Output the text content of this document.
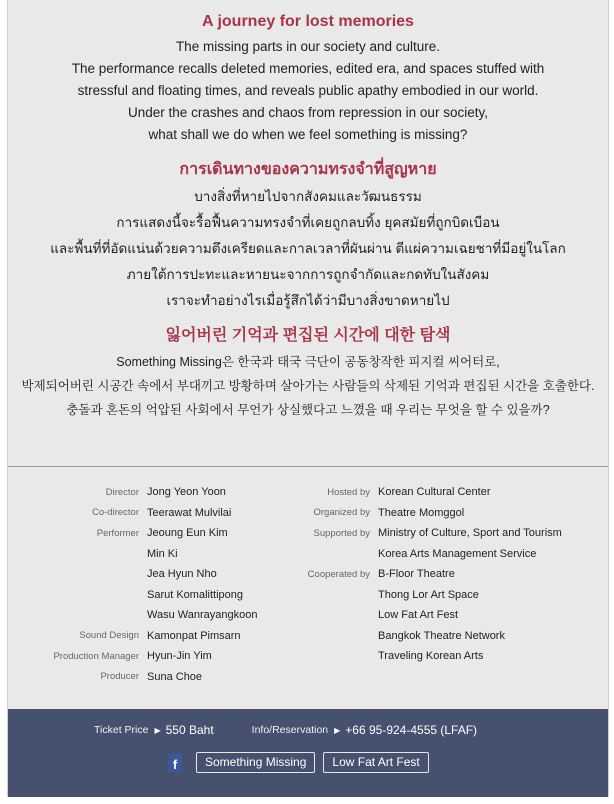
A journey for lost memories
The missing parts in our society and culture.
The performance recalls deleted memories, edited era, and spaces stuffed with
stressful and floating times, and reveals public apathy embodied in our world.
Under the crashes and chaos from repression in our society,
what shall we do when we feel something is missing?
การเดินทางของความทรงจำที่สูญหาย
บางสิ่งที่หายไปจากสังคมและวัฒนธรรม
การแสดงนี้จะรื้อฟื้นความทรงจำที่เคยถูกลบทิ้ง ยุคสมัยที่ถูกบิดเบือน
และพื้นที่ที่อัดแน่นด้วยความตึงเครียดและกาลเวลาที่ผันผ่าน ตีแผ่ความเฉยชาที่มีอยู่ในโลก
ภายใต้การปะทะและหายนะจากการถูกจำกัดและกดทับในสังคม
เราจะทำอย่างไรเมื่อรู้สึกได้ว่ามีบางสิ่งขาดหายไป
잃어버린 기억과 편집된 시간에 대한 탐색
Something Missing은 한국과 태국 극단이 공동창작한 피지컬 씨어터로,
박제되어버린 시공간 속에서 부대끼고 방황하며 살아가는 사람들의 삭제된 기억과 편집된 시간을 호출한다.
충돌과 혼돈의 억압된 사회에서 무언가 상실했다고 느꼈을 때 우리는 무엇을 할 수 있을까?
Director Jong Yeon Yoon
Co-director Teerawat Mulvilai
Performer Jeoung Eun Kim
Min Ki
Jea Hyun Nho
Sarut Komalittipong
Wasu Wanrayangkoon
Sound Design Kamonpat Pimsarn
Production Manager Hyun-Jin Yim
Producer Suna Choe
Hosted by Korean Cultural Center
Organized by Theatre Momggol
Supported by Ministry of Culture, Sport and Tourism
Korea Arts Management Service
Cooperated by B-Floor Theatre
Thong Lor Art Space
Low Fat Art Fest
Bangkok Theatre Network
Traveling Korean Arts
Ticket Price ▶ 550 Baht	Info/Reservation ▶ +66 95-924-4555 (LFAF)
f	Something Missing	Low Fat Art Fest
